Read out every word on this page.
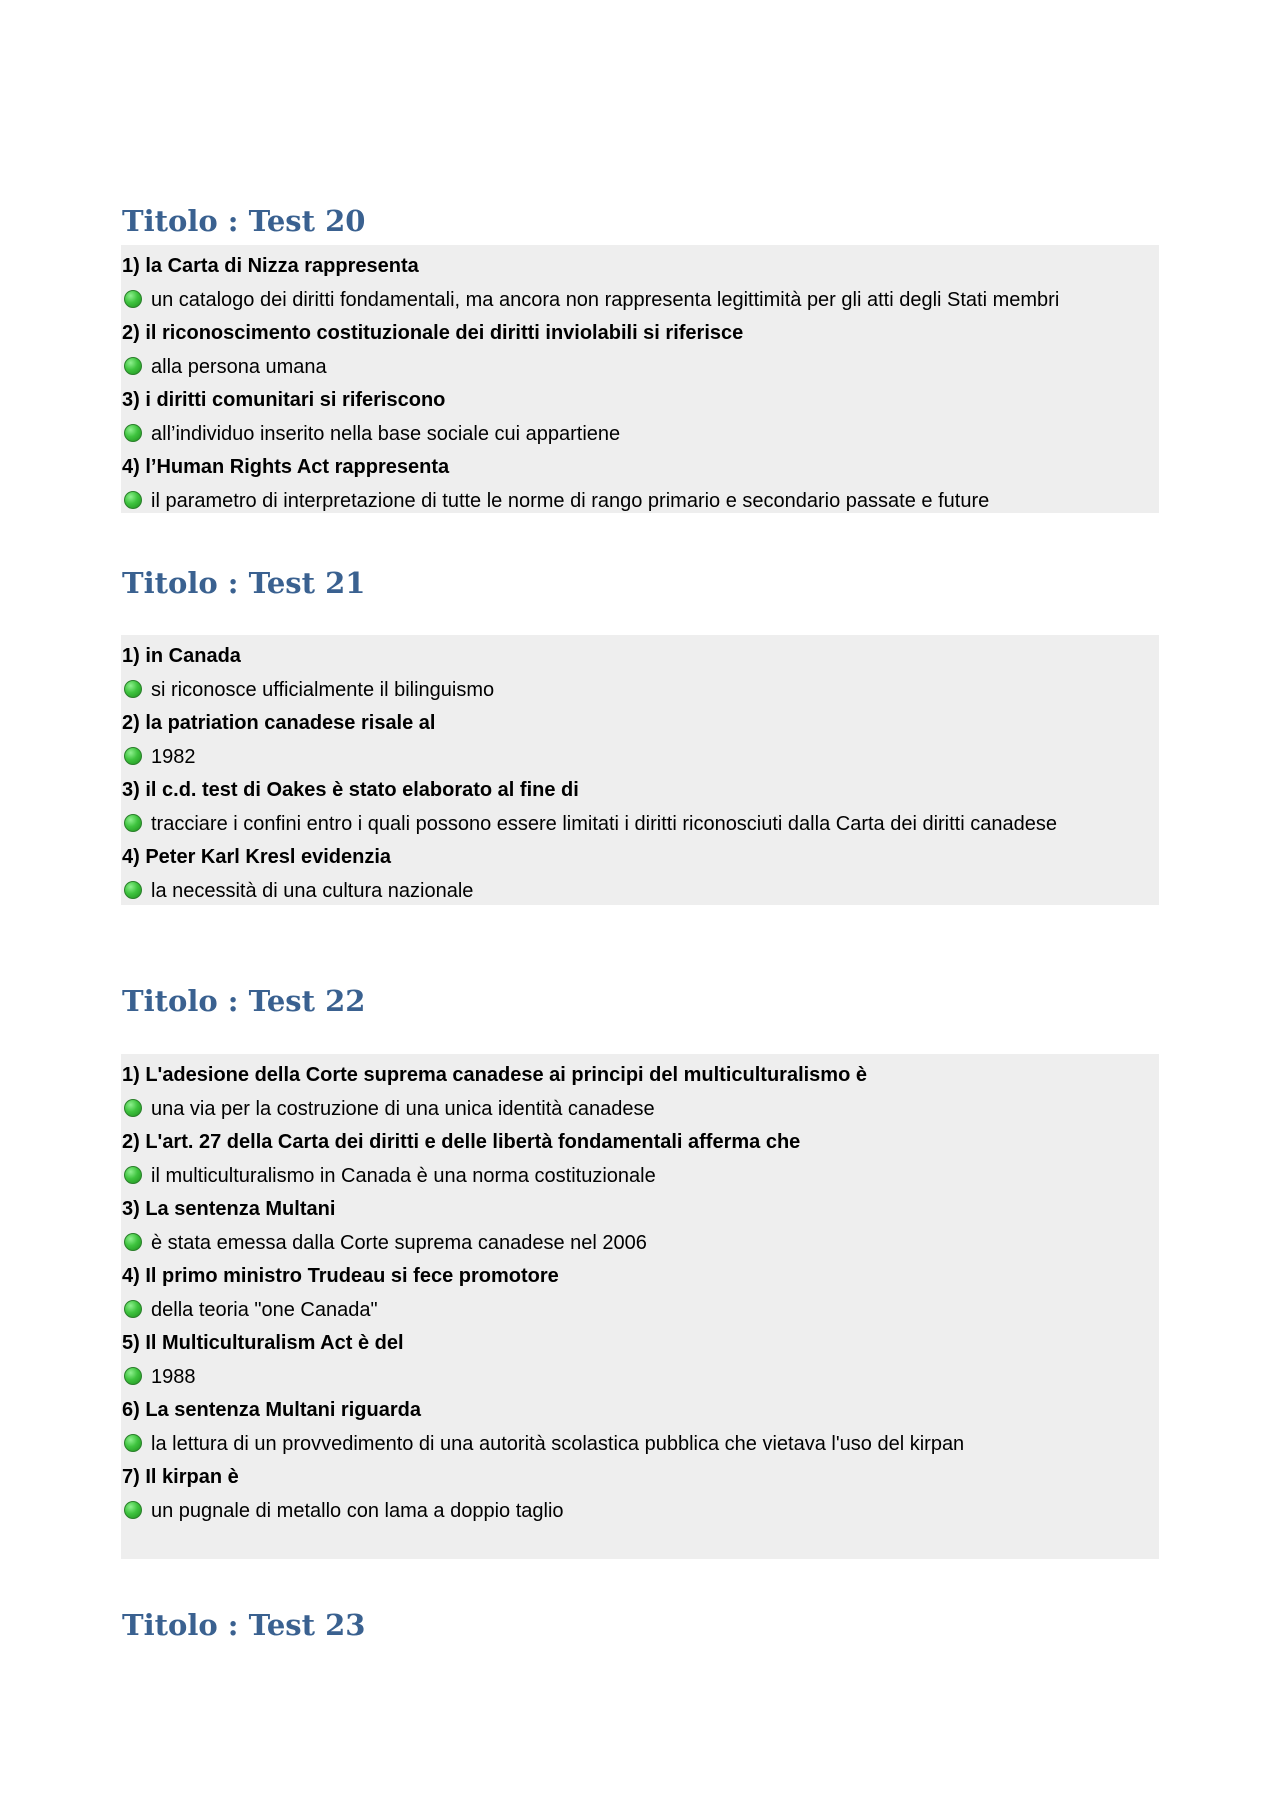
Titolo : Test 20
1) la Carta di Nizza rappresenta
un catalogo dei diritti fondamentali, ma ancora non rappresenta legittimità per gli atti degli Stati membri
2) il riconoscimento costituzionale dei diritti inviolabili si riferisce
alla persona umana
3) i diritti comunitari si riferiscono
all’individuo inserito nella base sociale cui appartiene
4) l’Human Rights Act rappresenta
il parametro di interpretazione di tutte le norme di rango primario e secondario passate e future
Titolo : Test 21
1) in Canada
si riconosce ufficialmente il bilinguismo
2) la patriation canadese risale al
1982
3) il c.d. test di Oakes è stato elaborato al fine di
tracciare i confini entro i quali possono essere limitati i diritti riconosciuti dalla Carta dei diritti canadese
4) Peter Karl Kresl evidenzia
la necessità di una cultura nazionale
Titolo : Test 22
1) L'adesione della Corte suprema canadese ai principi del multiculturalismo è
una via per la costruzione di una unica identità canadese
2) L'art. 27 della Carta dei diritti e delle libertà fondamentali afferma che
il multiculturalismo in Canada è una norma costituzionale
3) La sentenza Multani
è stata emessa dalla Corte suprema canadese nel 2006
4) Il primo ministro Trudeau si fece promotore
della teoria "one Canada"
5) Il Multiculturalism Act è del
1988
6) La sentenza Multani riguarda
la lettura di un provvedimento di una autorità scolastica pubblica che vietava l'uso del kirpan
7) Il kirpan è
un pugnale di metallo con lama a doppio taglio
Titolo : Test 23
